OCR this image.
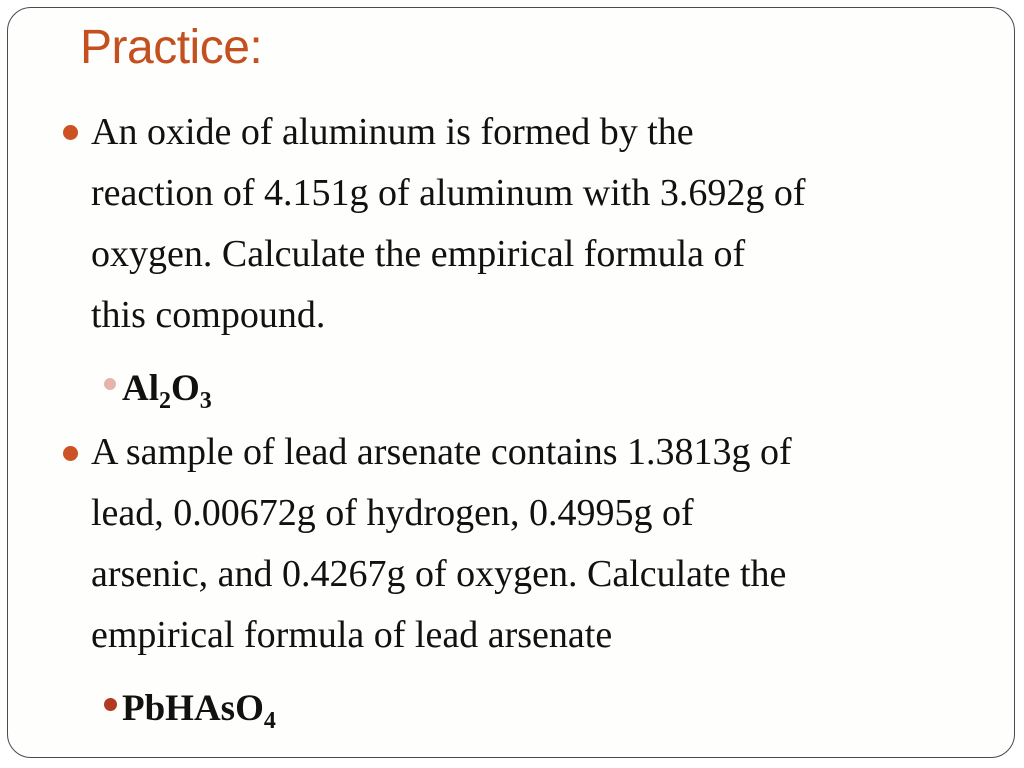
Practice:
An oxide of aluminum is formed by the
reaction of 4.151g of aluminum with 3.692g of
oxygen. Calculate the empirical formula of
this compound.
$Al_2O_3$
A sample of lead arsenate contains 1.3813g of
lead, 0.00672g of hydrogen, 0.4995g of
arsenic, and 0.4267g of oxygen. Calculate the
empirical formula of lead arsenate
PbHAsO$_4$
